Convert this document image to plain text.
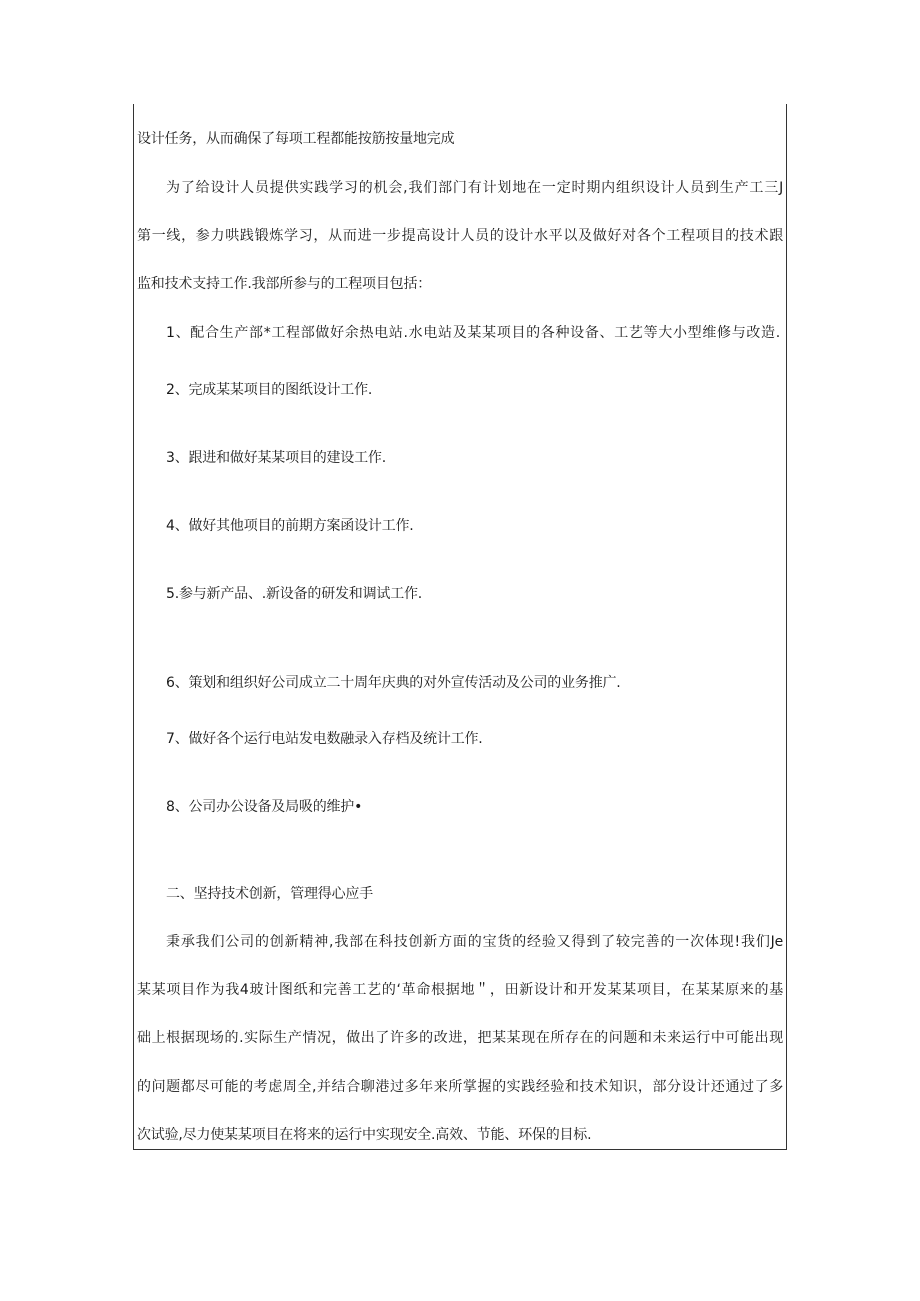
设计任务，从而确保了每项工程都能按筋按量地完成
为了给设计人员提供实践学习的机会,我们部门有计划地在一定时期内组织设计人员到生产工三J
第一线，参力哄践锻炼学习，从而进一步提高设计人员的设计水平以及做好对各个工程项目的技术跟
监和技术支持工作.我部所参与的工程项目包括：
1、配合生产部*工程部做好余热电站.水电站及某某项目的各种设备、工艺等大小型维修与改造.
2、完成某某项目的图纸设计工作.
3、跟进和做好某某项目的建设工作.
4、做好其他项目的前期方案函设计工作.
5.参与新产品、.新设备的研发和调试工作.
6、策划和组织好公司成立二十周年庆典的对外宣传活动及公司的业务推广.
7、做好各个运行电站发电数融录入存档及统计工作.
8、公司办公设备及局吸的维护•
二、坚持技术创新，管理得心应手
秉承我们公司的创新精神,我部在科技创新方面的宝货的经验又得到了较完善的一次体现!我们Je
某某项目作为我4玻计图纸和完善工艺的‘革命根据地＂，田新设计和开发某某项目，在某某原来的基
础上根据现场的.实际生产情况，做出了许多的改进，把某某现在所存在的问题和未来运行中可能出现
的问题都尽可能的考虑周全,并结合聊港过多年来所掌握的实践经验和技术知识，部分设计还通过了多
次试验,尽力使某某项目在将来的运行中实现安全.高效、节能、环保的目标.
